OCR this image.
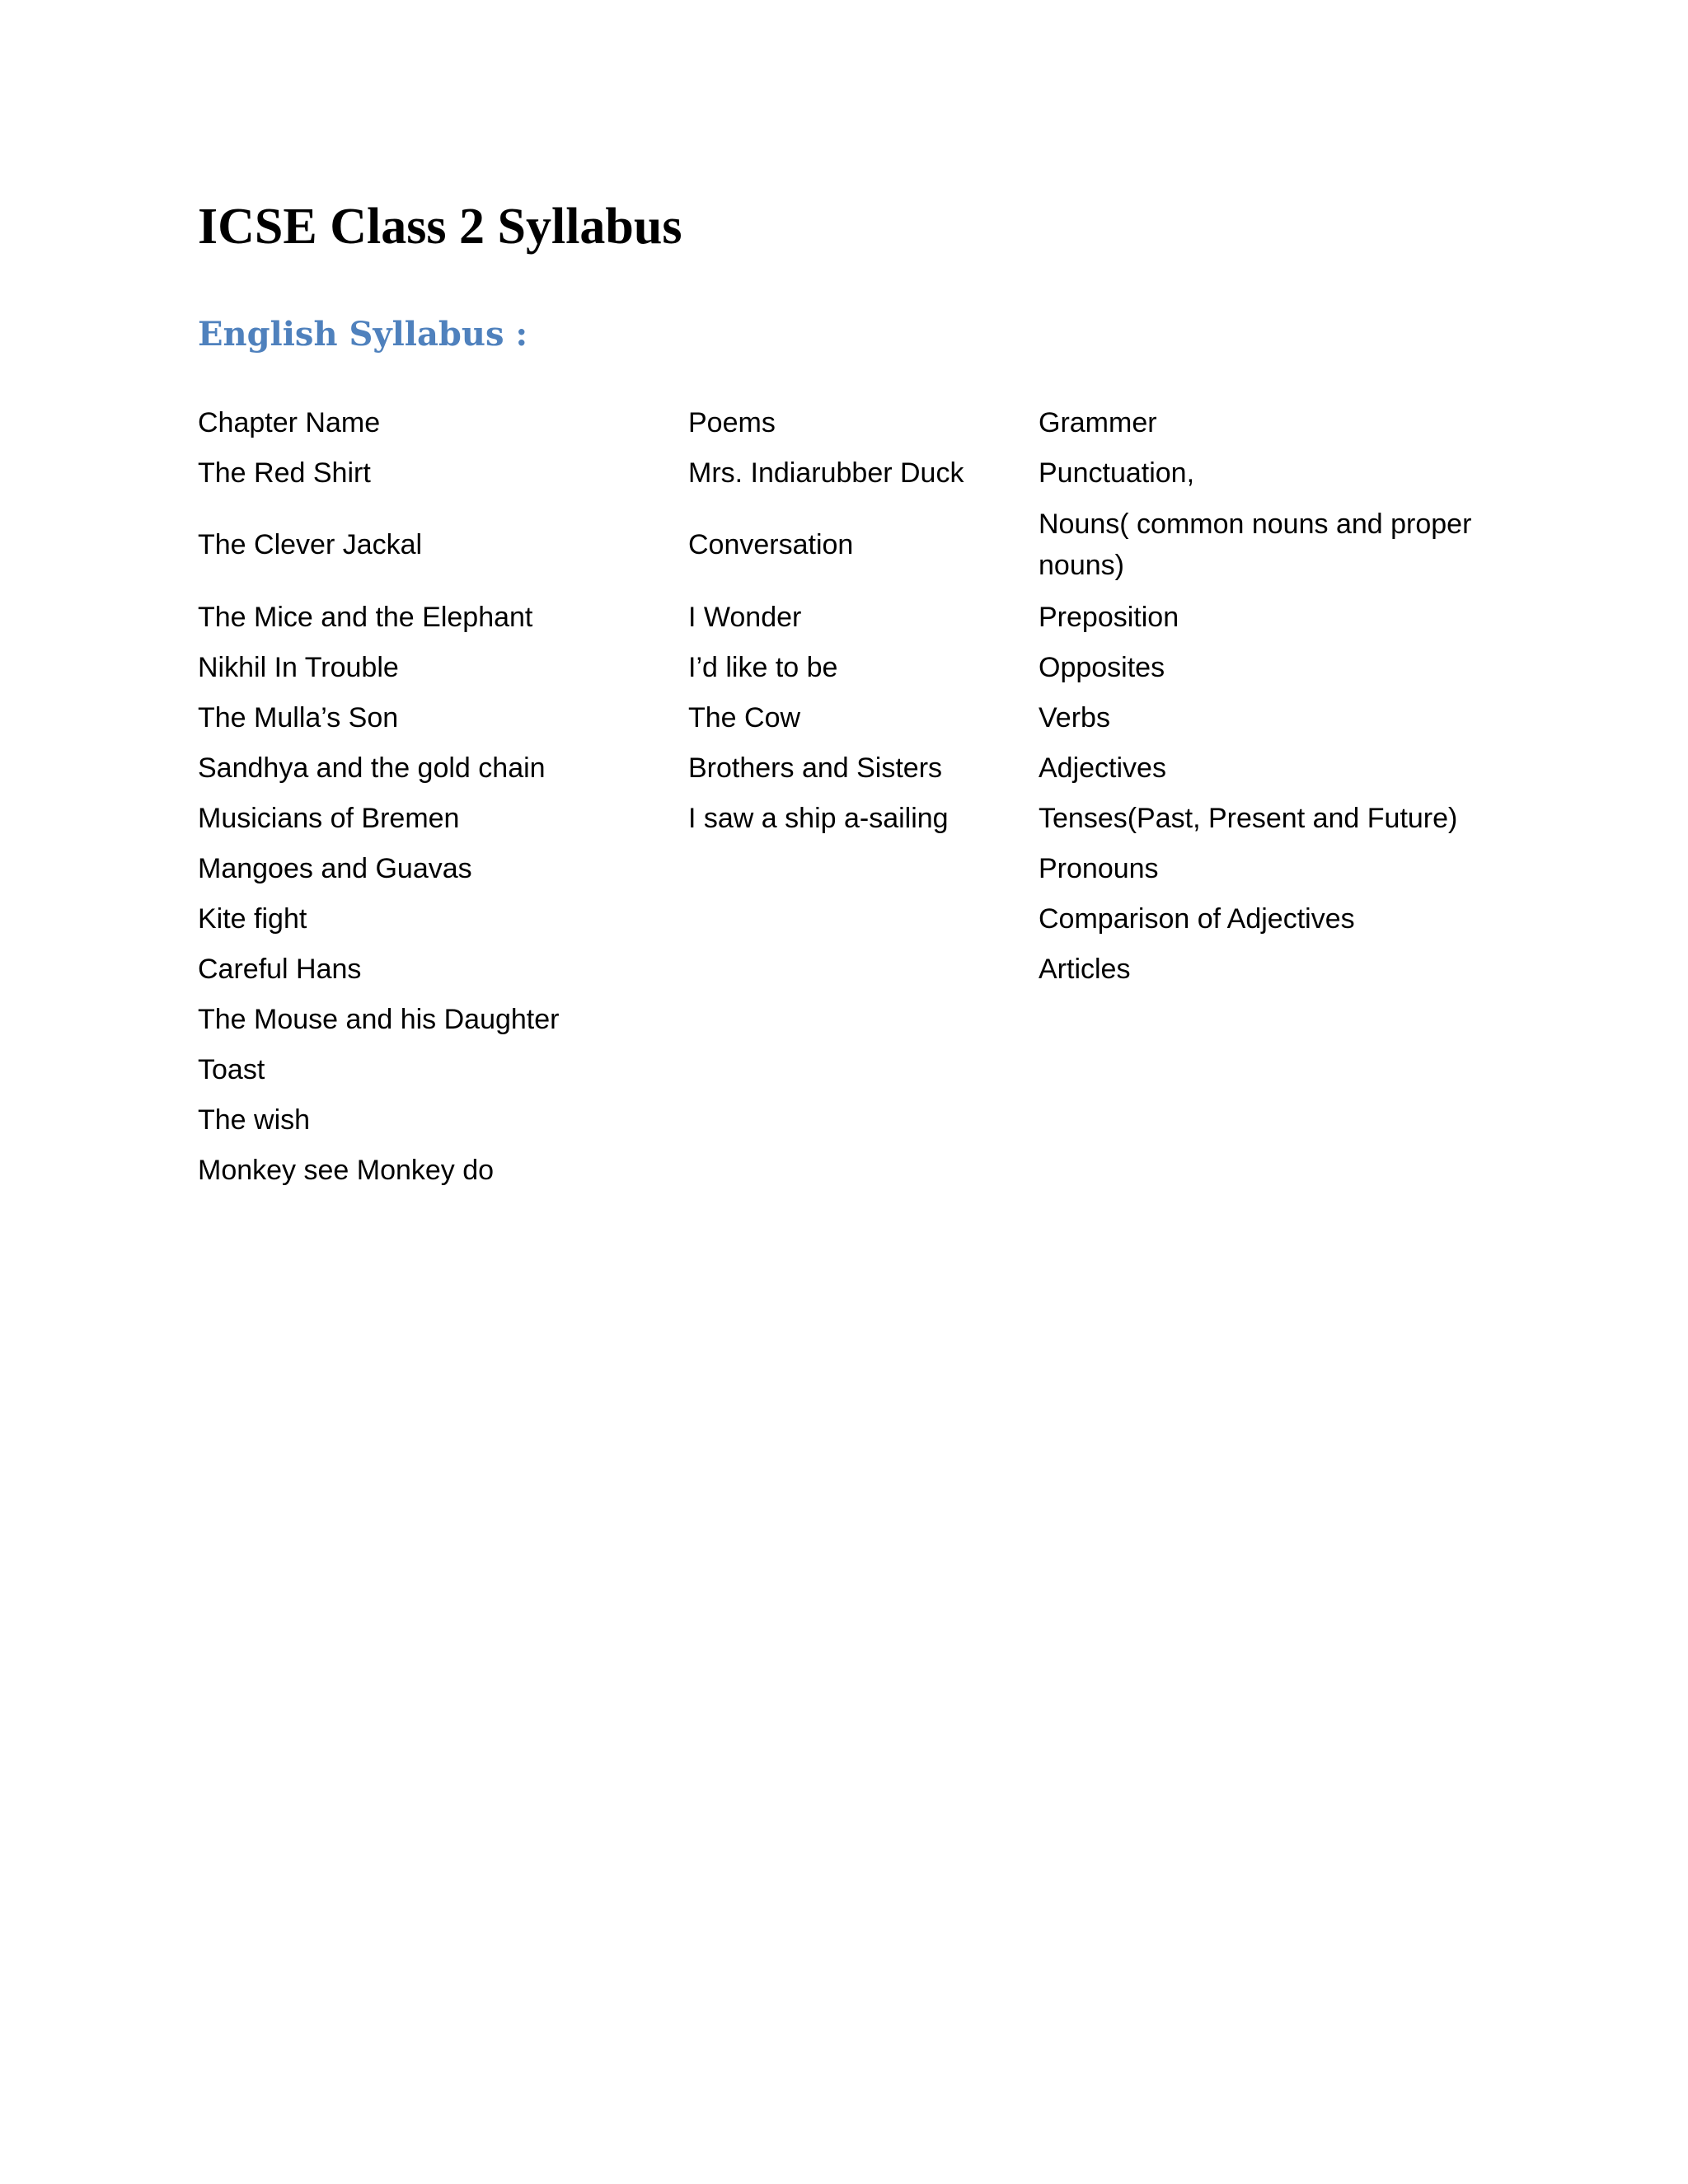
ICSE Class 2 Syllabus
English Syllabus :
Chapter Name	Poems	Grammer
The Red Shirt	Mrs. Indiarubber Duck	Punctuation,
The Clever Jackal	Conversation	Nouns( common nouns and proper nouns)
The Mice and the Elephant	I Wonder	Preposition
Nikhil In Trouble	I’d like to be	Opposites
The Mulla’s Son	The Cow	Verbs
Sandhya and the gold chain	Brothers and Sisters	Adjectives
Musicians of Bremen	I saw a ship a-sailing	Tenses(Past, Present and Future)
Mangoes and Guavas		Pronouns
Kite fight		Comparison of Adjectives
Careful Hans		Articles
The Mouse and his Daughter		
Toast		
The wish		
Monkey see Monkey do		
